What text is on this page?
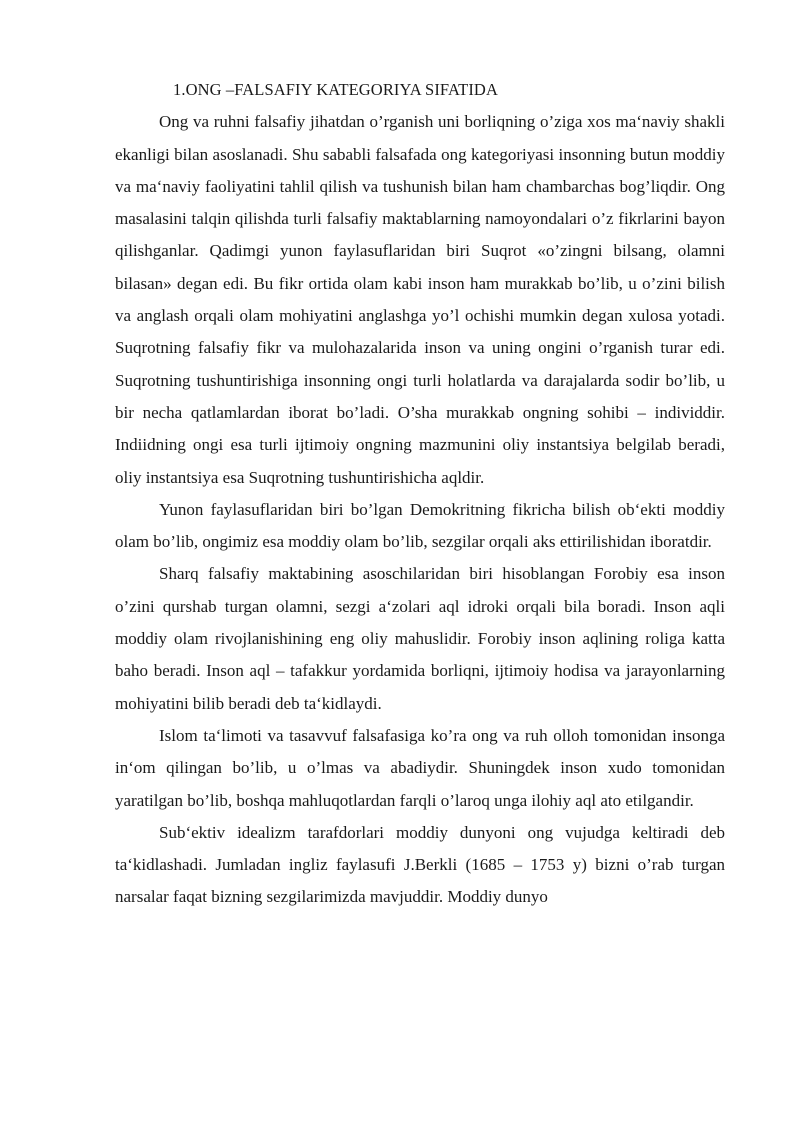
1.ONG –FALSAFIY KATEGORIYA SIFATIDA

Ong va ruhni falsafiy jihatdan o’rganish uni borliqning o’ziga xos ma‘naviy shakli ekanligi bilan asoslanadi. Shu sababli falsafada ong kategoriyasi insonning butun moddiy va ma‘naviy faoliyatini tahlil qilish va tushunish bilan ham chambarchas bog’liqdir. Ong masalasini talqin qilishda turli falsafiy maktablarning namoyondalari o’z fikrlarini bayon qilishganlar. Qadimgi yunon faylasuflaridan biri Suqrot «o’zingni bilsang, olamni bilasan» degan edi. Bu fikr ortida olam kabi inson ham murakkab bo’lib, u o’zini bilish va anglash orqali olam mohiyatini anglashga yo’l ochishi mumkin degan xulosa yotadi. Suqrotning falsafiy fikr va mulohazalarida inson va uning ongini o’rganish turar edi. Suqrotning tushuntirishiga insonning ongi turli holatlarda va darajalarda sodir bo’lib, u bir necha qatlamlardan iborat bo’ladi. O’sha murakkab ongning sohibi – individdir. Indiidning ongi esa turli ijtimoiy ongning mazmunini oliy instantsiya belgilab beradi, oliy instantsiya esa Suqrotning tushuntirishicha aqldir.

Yunon faylasuflaridan biri bo’lgan Demokritning fikricha bilish ob‘ekti moddiy olam bo’lib, ongimiz esa moddiy olam bo’lib, sezgilar orqali aks ettirilishidan iboratdir.

Sharq falsafiy maktabining asoschilaridan biri hisoblangan Forobiy esa inson o’zini qurshab turgan olamni, sezgi a‘zolari aql idroki orqali bila boradi. Inson aqli moddiy olam rivojlanishining eng oliy mahuslidir. Forobiy inson aqlining roliga katta baho beradi. Inson aql – tafakkur yordamida borliqni, ijtimoiy hodisa va jarayonlarning mohiyatini bilib beradi deb ta‘kidlaydi.

Islom ta‘limoti va tasavvuf falsafasiga ko’ra ong va ruh olloh tomonidan insonga in‘om qilingan bo’lib, u o’lmas va abadiydir. Shuningdek inson xudo tomonidan yaratilgan bo’lib, boshqa mahluqotlardan farqli o’laroq unga ilohiy aql ato etilgandir.

Sub‘ektiv idealizm tarafdorlari moddiy dunyoni ong vujudga keltiradi deb ta‘kidlashadi. Jumladan ingliz faylasufi J.Berkli (1685 – 1753 y) bizni o’rab turgan narsalar faqat bizning sezgilarimizda mavjuddir. Moddiy dunyo
